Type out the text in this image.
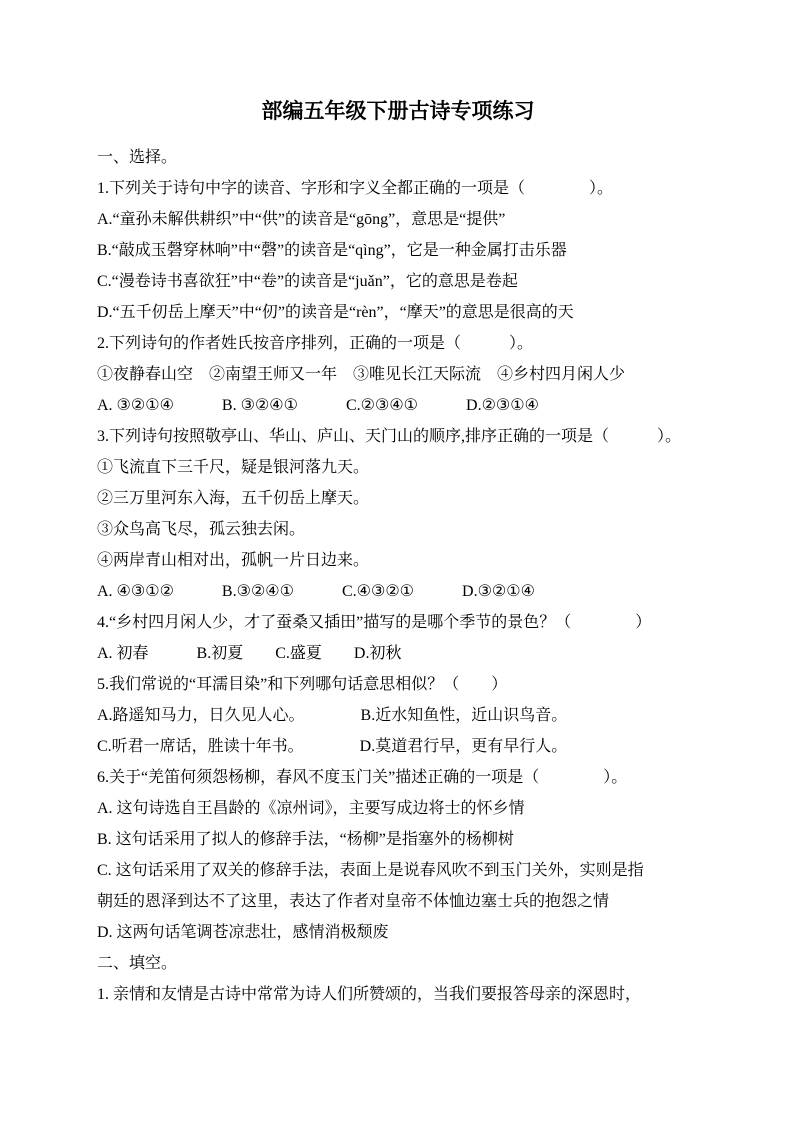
部编五年级下册古诗专项练习
一、选择。
1.下列关于诗句中字的读音、字形和字义全都正确的一项是（　　　　）。
A.“童孙未解供耕织”中“供”的读音是“gōng”，意思是“提供”
B.“敲成玉磬穿林响”中“磬”的读音是“qìng”，它是一种金属打击乐器
C.“漫卷诗书喜欲狂”中“卷”的读音是“juǎn”，它的意思是卷起
D.“五千仞岳上摩天”中“仞”的读音是“rèn”，“摩天”的意思是很高的天
2.下列诗句的作者姓氏按音序排列，正确的一项是（　　　）。
①夜静春山空　②南望王师又一年　③唯见长江天际流　④乡村四月闲人少
A. ③②①④　　　B. ③②④①　　　C.②③④①　　　D.②③①④
3.下列诗句按照敬亭山、华山、庐山、天门山的顺序,排序正确的一项是（　　　）。
①飞流直下三千尺，疑是银河落九天。
②三万里河东入海，五千仞岳上摩天。
③众鸟高飞尽，孤云独去闲。
④两岸青山相对出，孤帆一片日边来。
A. ④③①②　　　B.③②④①　　　C.④③②①　　　D.③②①④
4.“乡村四月闲人少，才了蚕桑又插田”描写的是哪个季节的景色？（　　　　）
A. 初春　　　B.初夏　　C.盛夏　　D.初秋
5.我们常说的“耳濡目染”和下列哪句话意思相似？（　　）
A.路遥知马力，日久见人心。　　　　B.近水知鱼性，近山识鸟音。
C.听君一席话，胜读十年书。　　　　D.莫道君行早，更有早行人。
6.关于“羌笛何须怨杨柳，春风不度玉门关”描述正确的一项是（　　　　）。
A. 这句诗选自王昌龄的《凉州词》，主要写成边将士的怀乡情
B. 这句话采用了拟人的修辞手法，“杨柳”是指塞外的杨柳树
C. 这句话采用了双关的修辞手法，表面上是说春风吹不到玉门关外，实则是指
朝廷的恩泽到达不了这里，表达了作者对皇帝不体恤边塞士兵的抱怨之情
D. 这两句话笔调苍凉悲壮，感情消极颓废
二、填空。
1. 亲情和友情是古诗中常常为诗人们所赞颂的，当我们要报答母亲的深恩时，
